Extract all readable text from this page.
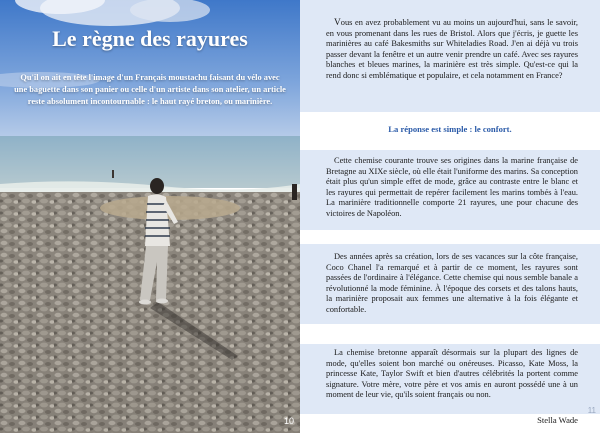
Le règne des rayures

Qu'il on ait en tête l'image d'un Français moustachu faisant du vélo avec une baguette dans son panier ou celle d'un artiste dans son atelier, un article reste absolument incontournable : le haut rayé breton, ou marinière.

10

Vous en avez probablement vu au moins un aujourd'hui, sans le savoir, en vous promenant dans les rues de Bristol. Alors que j'écris, je guette les marinières au café Bakesmiths sur Whiteladies Road. J'en ai déjà vu trois passer devant la fenêtre et un autre venir prendre un café. Avec ses rayures blanches et bleues marines, la marinière est très simple. Qu'est-ce qui la rend donc si emblématique et populaire, et cela notamment en France?

La réponse est simple : le confort.

Cette chemise courante trouve ses origines dans la marine française de Bretagne au XIXe siècle, où elle était l'uniforme des marins. Sa conception était plus qu'un simple effet de mode, grâce au contraste entre le blanc et les rayures qui permettait de repérer facilement les marins tombés à l'eau. La marinière traditionnelle comporte 21 rayures, une pour chacune des victoires de Napoléon.

Des années après sa création, lors de ses vacances sur la côte française, Coco Chanel l'a remarqué et à partir de ce moment, les rayures sont passées de l'ordinaire à l'élégance. Cette chemise qui nous semble banale a révolutionné la mode féminine. À l'époque des corsets et des talons hauts, la marinière proposait aux femmes une alternative à la fois élégante et confortable.

La chemise bretonne apparaît désormais sur la plupart des lignes de mode, qu'elles soient bon marché ou onéreuses. Picasso, Kate Moss, la princesse Kate, Taylor Swift et bien d'autres célébrités la portent comme signature. Votre mère, votre père et vos amis en auront possédé une à un moment de leur vie, qu'ils soient français ou non.

Stella Wade
11
